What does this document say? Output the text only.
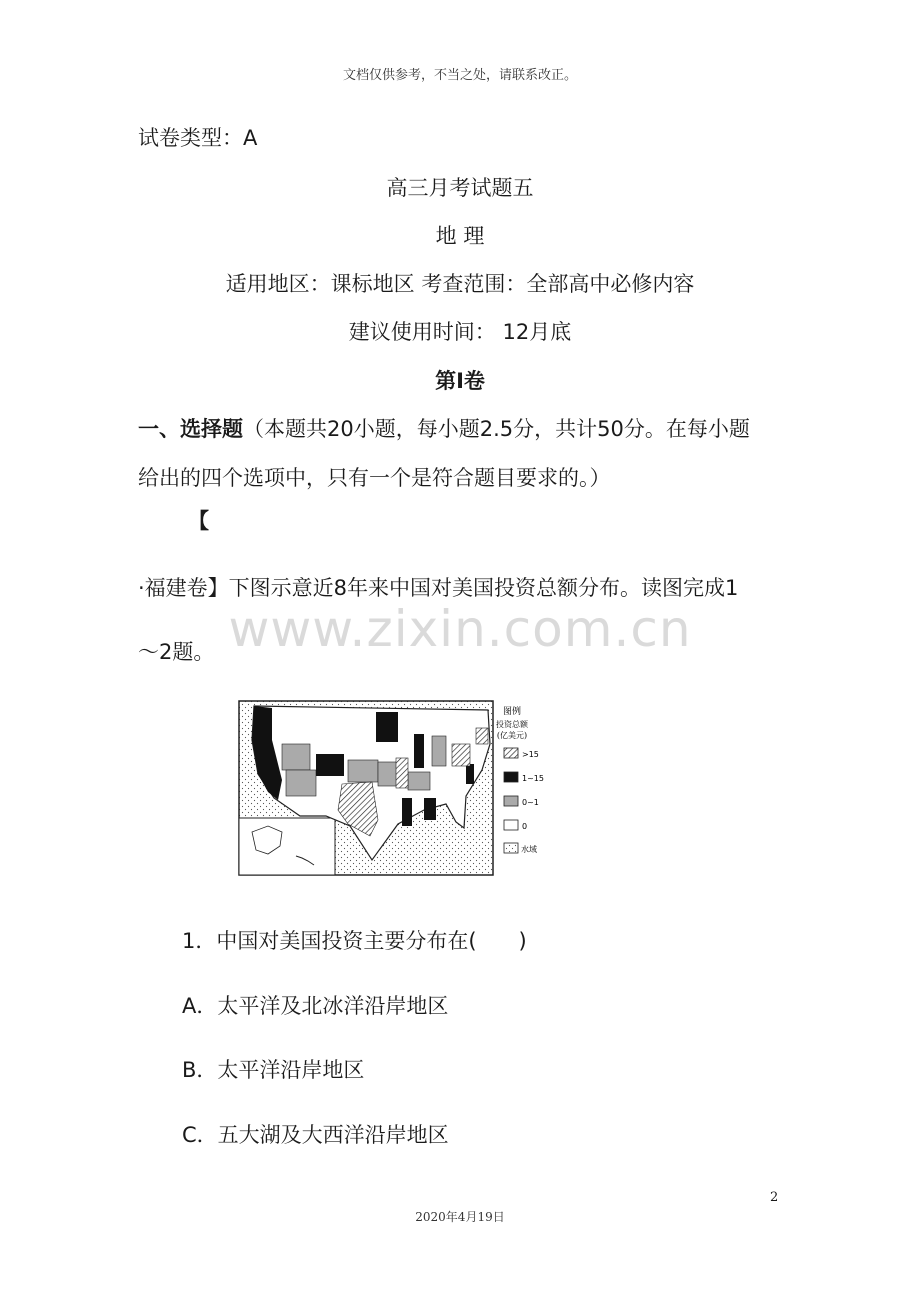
文档仅供参考，不当之处，请联系改正。
试卷类型：A
高三月考试题五
地 理
适用地区：课标地区 考查范围：全部高中必修内容
建议使用时间： 12月底
第Ⅰ卷
一、选择题（本题共20小题，每小题2.5分，共计50分。在每小题
给出的四个选项中，只有一个是符合题目要求的。）
【
·福建卷】下图示意近8年来中国对美国投资总额分布。读图完成1
～2题。 www.zixin.com.cn
图例
投资总额
(亿美元)
>15
1~15
0~1
0
水域
1．中国对美国投资主要分布在(　　)
A．太平洋及北冰洋沿岸地区
B．太平洋沿岸地区
C．五大湖及大西洋沿岸地区
2
2020年4月19日
